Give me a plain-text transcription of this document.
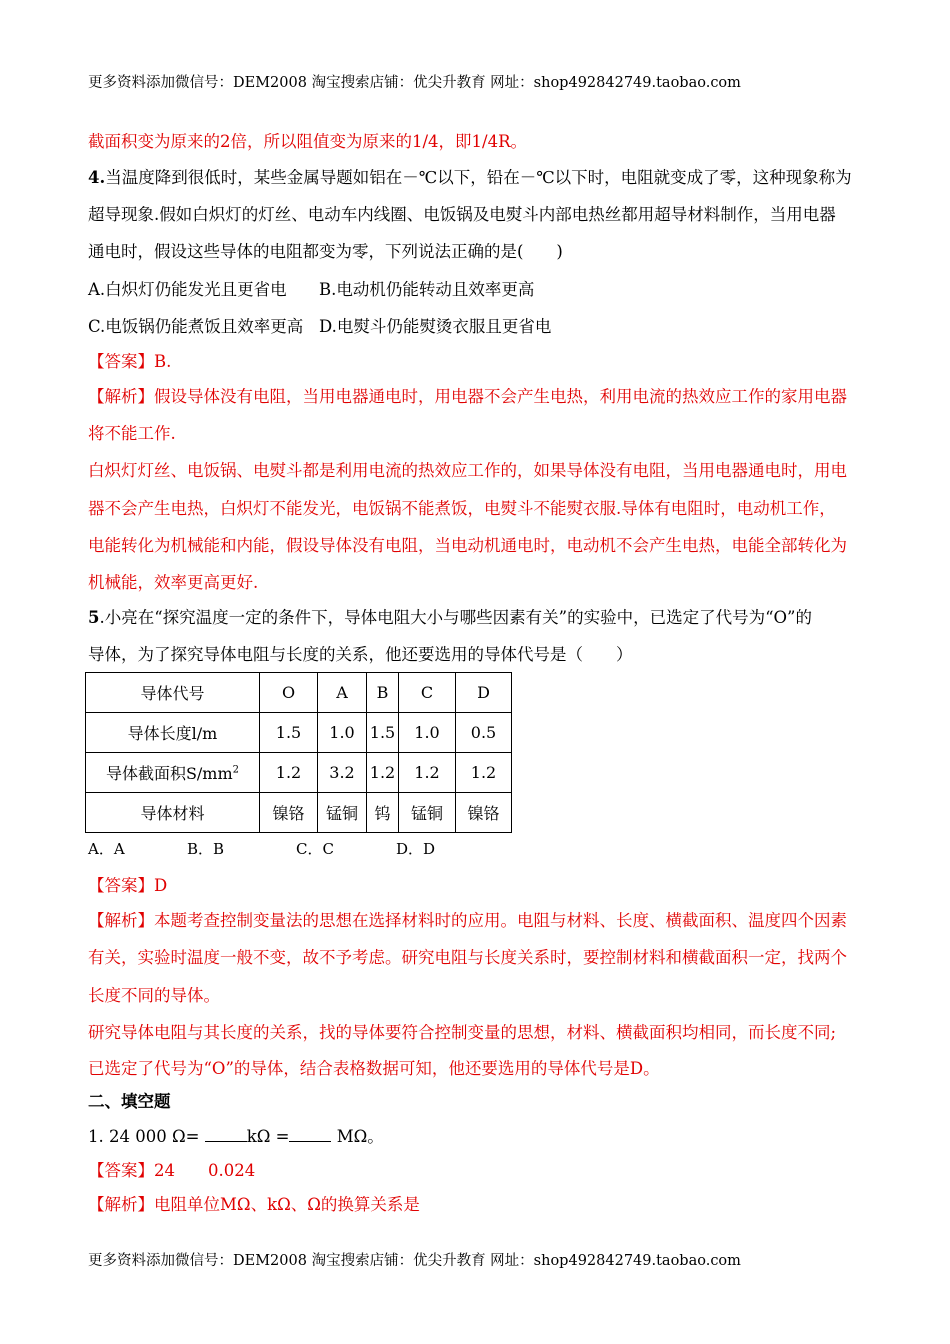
更多资料添加微信号：DEM2008 淘宝搜索店铺：优尖升教育 网址：shop492842749.taobao.com
截面积变为原来的2倍，所以阻值变为原来的1/4，即1/4R。
4.当温度降到很低时，某些金属导题如铝在－℃以下，铅在－℃以下时，电阻就变成了零，这种现象称为
超导现象.假如白炽灯的灯丝、电动车内线圈、电饭锅及电熨斗内部电热丝都用超导材料制作，当用电器
通电时，假设这些导体的电阻都变为零，下列说法正确的是(　　)
A.白炽灯仍能发光且更省电 B.电动机仍能转动且效率更高
C.电饭锅仍能煮饭且效率更高 D.电熨斗仍能熨烫衣服且更省电
【答案】B.
【解析】假设导体没有电阻，当用电器通电时，用电器不会产生电热，利用电流的热效应工作的家用电器
将不能工作.
白炽灯灯丝、电饭锅、电熨斗都是利用电流的热效应工作的，如果导体没有电阻，当用电器通电时，用电
器不会产生电热，白炽灯不能发光，电饭锅不能煮饭，电熨斗不能熨衣服.导体有电阻时，电动机工作，
电能转化为机械能和内能，假设导体没有电阻，当电动机通电时，电动机不会产生电热，电能全部转化为
机械能，效率更高更好.
5.小亮在“探究温度一定的条件下，导体电阻大小与哪些因素有关”的实验中，已选定了代号为“O”的
导体，为了探究导体电阻与长度的关系，他还要选用的导体代号是（　　）
导体代号	O	A	B	C	D
导体长度l/m	1.5	1.0	1.5	1.0	0.5
导体截面积$S/mm^2$	1.2	3.2	1.2	1.2	1.2
导体材料	镍铬	锰铜	钨	锰铜	镍铬
A．A	B．B	C．C	D．D
【答案】D
【解析】本题考查控制变量法的思想在选择材料时的应用。电阻与材料、长度、横截面积、温度四个因素
有关，实验时温度一般不变，故不予考虑。研究电阻与长度关系时，要控制材料和横截面积一定，找两个
长度不同的导体。
研究导体电阻与其长度的关系，找的导体要符合控制变量的思想，材料、横截面积均相同，而长度不同;
已选定了代号为“O”的导体，结合表格数据可知，他还要选用的导体代号是D。
二、填空题
1. 24 000 Ω=	kΩ =	MΩ。
【答案】24　　0.024
【解析】电阻单位MΩ、kΩ、Ω的换算关系是
更多资料添加微信号：DEM2008 淘宝搜索店铺：优尖升教育 网址：shop492842749.taobao.com
